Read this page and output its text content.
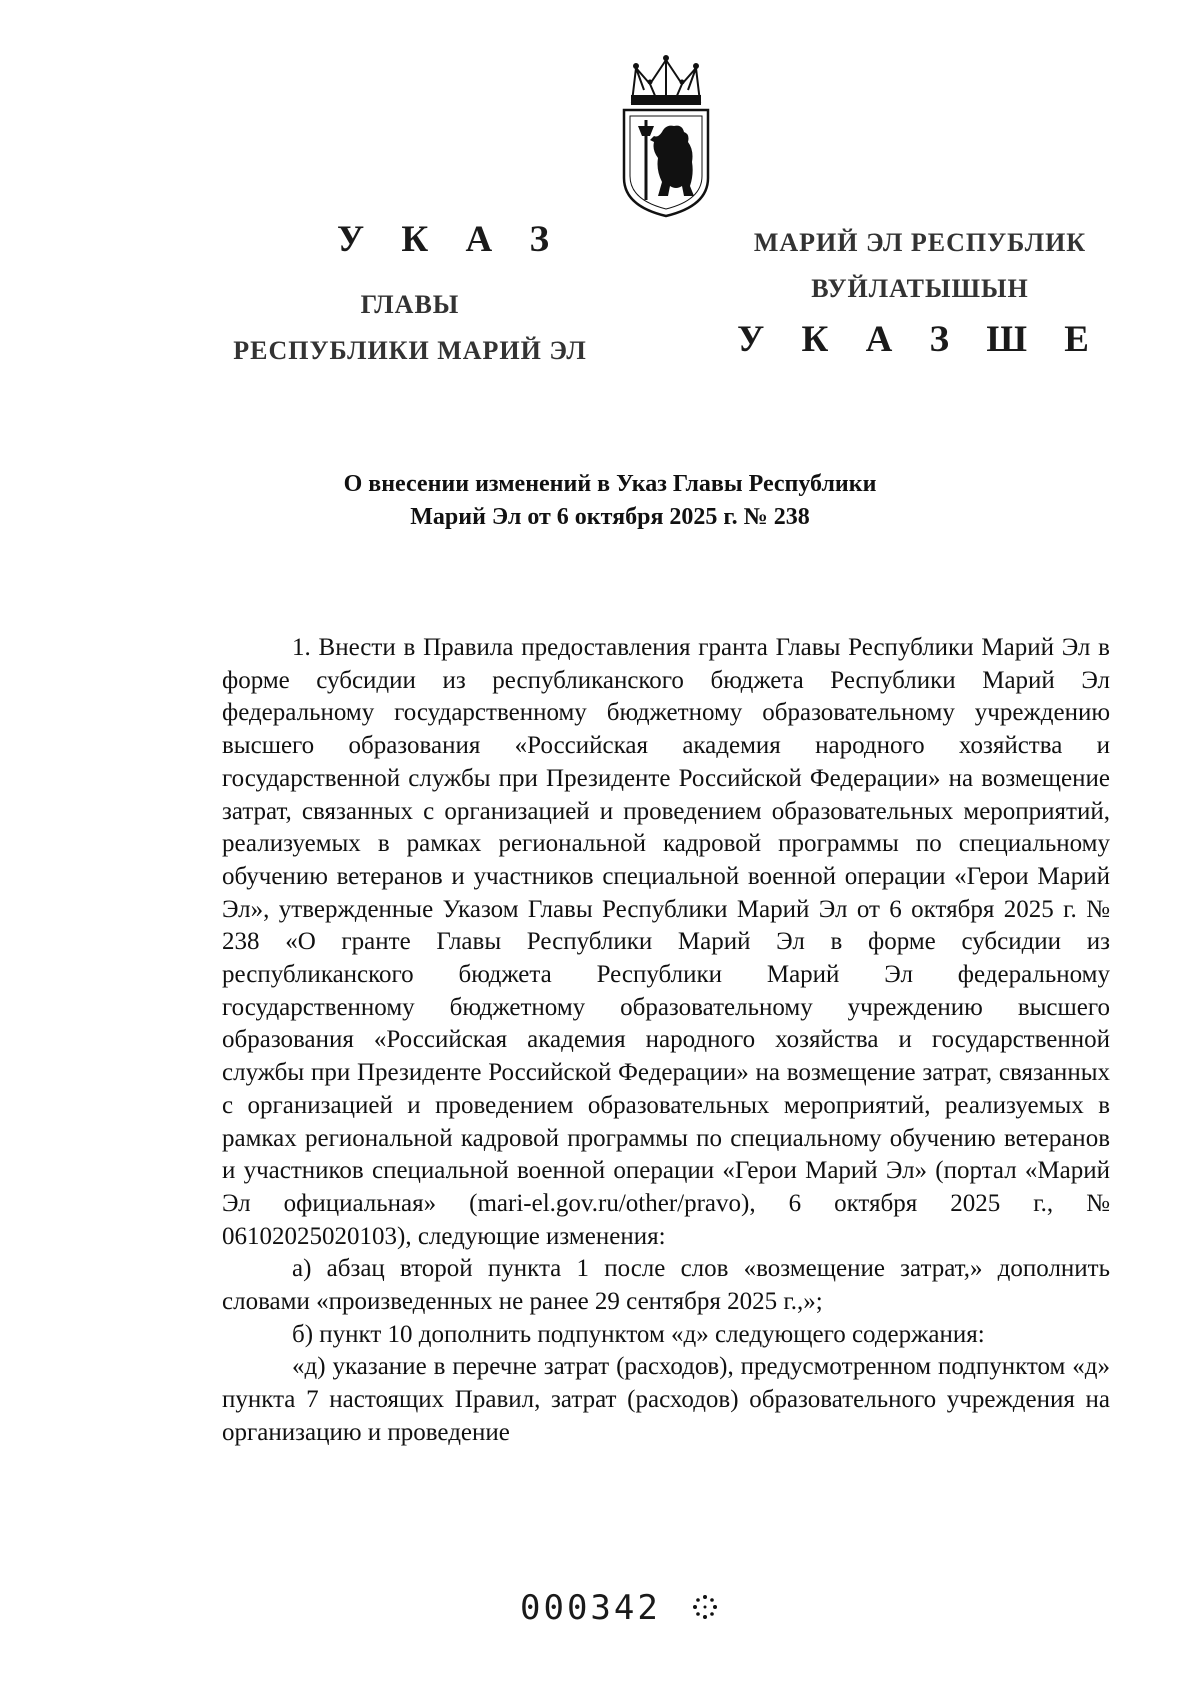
У К А З
ГЛАВЫ
РЕСПУБЛИКИ МАРИЙ ЭЛ
МАРИЙ ЭЛ РЕСПУБЛИК
ВУЙЛАТЫШЫН
У К А З Ш Е
О внесении изменений в Указ Главы Республики
Марий Эл от 6 октября 2025 г. № 238

1. Внести в Правила предоставления гранта Главы Республики Марий Эл в форме субсидии из республиканского бюджета Республики Марий Эл федеральному государственному бюджетному образовательному учреждению высшего образования «Российская академия народного хозяйства и государственной службы при Президенте Российской Федерации» на возмещение затрат, связанных с организацией и проведением образовательных мероприятий, реализуемых в рамках региональной кадровой программы по специальному обучению ветеранов и участников специальной военной операции «Герои Марий Эл», утвержденные Указом Главы Республики Марий Эл от 6 октября 2025 г. № 238 «О гранте Главы Республики Марий Эл в форме субсидии из республиканского бюджета Республики Марий Эл федеральному государственному бюджетному образовательному учреждению высшего образования «Российская академия народного хозяйства и государственной службы при Президенте Российской Федерации» на возмещение затрат, связанных с организацией и проведением образовательных мероприятий, реализуемых в рамках региональной кадровой программы по специальному обучению ветеранов и участников специальной военной операции «Герои Марий Эл» (портал «Марий Эл официальная» (mari-el.gov.ru/other/pravo), 6 октября 2025 г., № 06102025020103), следующие изменения:

а) абзац второй пункта 1 после слов «возмещение затрат,» дополнить словами «произведенных не ранее 29 сентября 2025 г.,»;

б) пункт 10 дополнить подпунктом «д» следующего содержания:

«д) указание в перечне затрат (расходов), предусмотренном подпунктом «д» пункта 7 настоящих Правил, затрат (расходов) образовательного учреждения на организацию и проведение

000342
